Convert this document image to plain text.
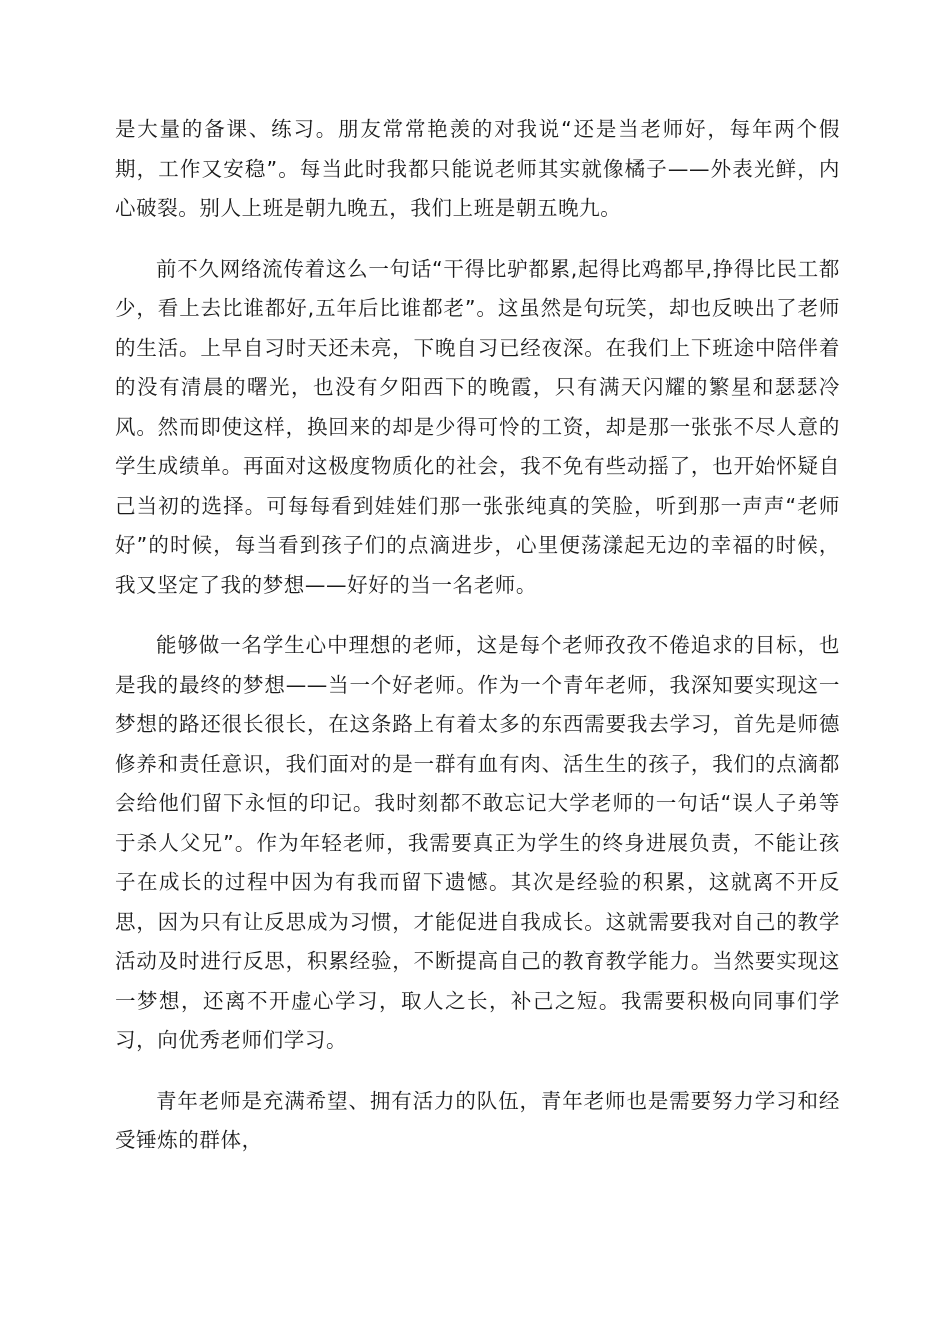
是大量的备课、练习。朋友常常艳羡的对我说“还是当老师好，每年两个假期，工作又安稳”。每当此时我都只能说老师其实就像橘子——外表光鲜，内心破裂。别人上班是朝九晚五，我们上班是朝五晚九。

前不久网络流传着这么一句话“干得比驴都累,起得比鸡都早,挣得比民工都少，看上去比谁都好,五年后比谁都老”。这虽然是句玩笑，却也反映出了老师的生活。上早自习时天还未亮，下晚自习已经夜深。在我们上下班途中陪伴着的没有清晨的曙光，也没有夕阳西下的晚霞，只有满天闪耀的繁星和瑟瑟冷风。然而即使这样，换回来的却是少得可怜的工资，却是那一张张不尽人意的学生成绩单。再面对这极度物质化的社会，我不免有些动摇了，也开始怀疑自己当初的选择。可每每看到娃娃们那一张张纯真的笑脸，听到那一声声“老师好”的时候，每当看到孩子们的点滴进步，心里便荡漾起无边的幸福的时候，我又坚定了我的梦想——好好的当一名老师。

能够做一名学生心中理想的老师，这是每个老师孜孜不倦追求的目标，也是我的最终的梦想——当一个好老师。作为一个青年老师，我深知要实现这一梦想的路还很长很长，在这条路上有着太多的东西需要我去学习，首先是师德修养和责任意识，我们面对的是一群有血有肉、活生生的孩子，我们的点滴都会给他们留下永恒的印记。我时刻都不敢忘记大学老师的一句话“误人子弟等于杀人父兄”。作为年轻老师，我需要真正为学生的终身进展负责，不能让孩子在成长的过程中因为有我而留下遗憾。其次是经验的积累，这就离不开反思，因为只有让反思成为习惯，才能促进自我成长。这就需要我对自己的教学活动及时进行反思，积累经验，不断提高自己的教育教学能力。当然要实现这一梦想，还离不开虚心学习，取人之长，补己之短。我需要积极向同事们学习，向优秀老师们学习。

青年老师是充满希望、拥有活力的队伍，青年老师也是需要努力学习和经受锤炼的群体，
